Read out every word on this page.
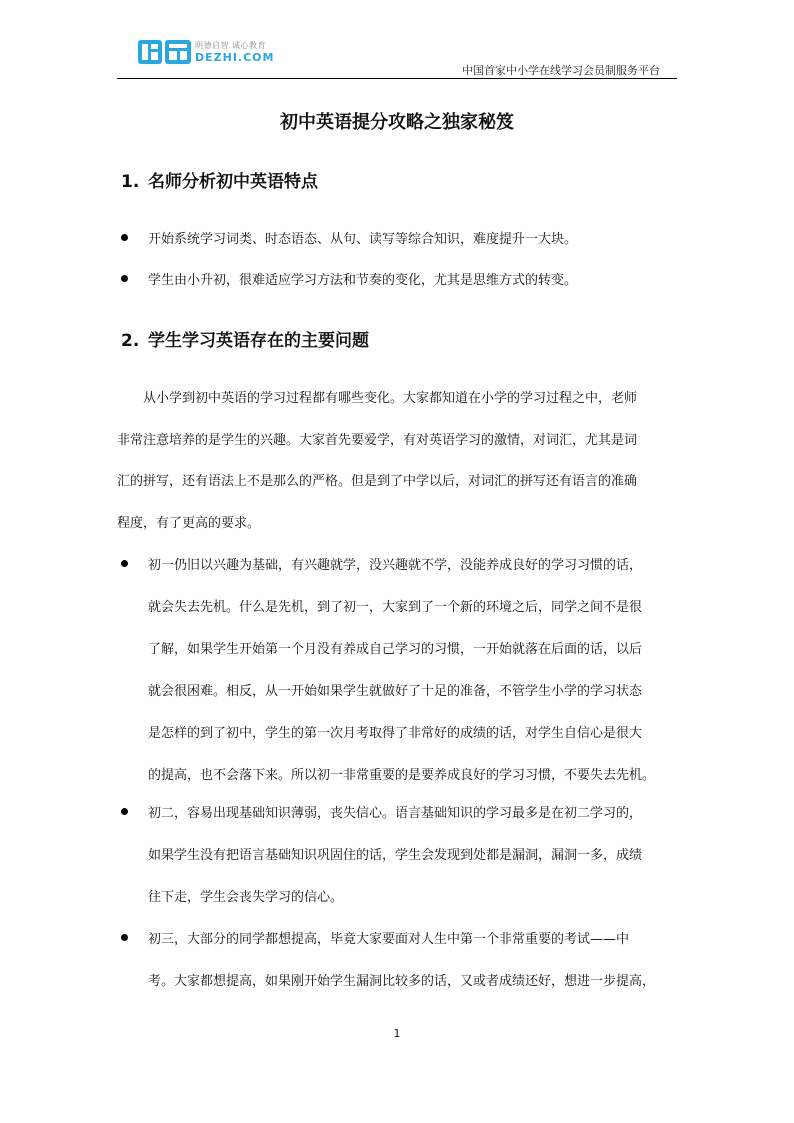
明德启智 诚心教育
DEZHI.COM
中国首家中小学在线学习会员制服务平台
初中英语提分攻略之独家秘笈
1. 名师分析初中英语特点
开始系统学习词类、时态语态、从句、读写等综合知识，难度提升一大块。
学生由小升初，很难适应学习方法和节奏的变化，尤其是思维方式的转变。
2. 学生学习英语存在的主要问题
从小学到初中英语的学习过程都有哪些变化。大家都知道在小学的学习过程之中，老师
非常注意培养的是学生的兴趣。大家首先要爱学，有对英语学习的激情，对词汇，尤其是词
汇的拼写，还有语法上不是那么的严格。但是到了中学以后，对词汇的拼写还有语言的准确
程度，有了更高的要求。
初一仍旧以兴趣为基础，有兴趣就学，没兴趣就不学，没能养成良好的学习习惯的话，
就会失去先机。什么是先机，到了初一，大家到了一个新的环境之后，同学之间不是很
了解，如果学生开始第一个月没有养成自己学习的习惯，一开始就落在后面的话，以后
就会很困难。相反，从一开始如果学生就做好了十足的准备，不管学生小学的学习状态
是怎样的到了初中，学生的第一次月考取得了非常好的成绩的话，对学生自信心是很大
的提高，也不会落下来。所以初一非常重要的是要养成良好的学习习惯，不要失去先机。
初二，容易出现基础知识薄弱，丧失信心。语言基础知识的学习最多是在初二学习的，
如果学生没有把语言基础知识巩固住的话，学生会发现到处都是漏洞，漏洞一多，成绩
往下走，学生会丧失学习的信心。
初三，大部分的同学都想提高，毕竟大家要面对人生中第一个非常重要的考试——中
考。大家都想提高，如果刚开始学生漏洞比较多的话，又或者成绩还好，想进一步提高，
1
